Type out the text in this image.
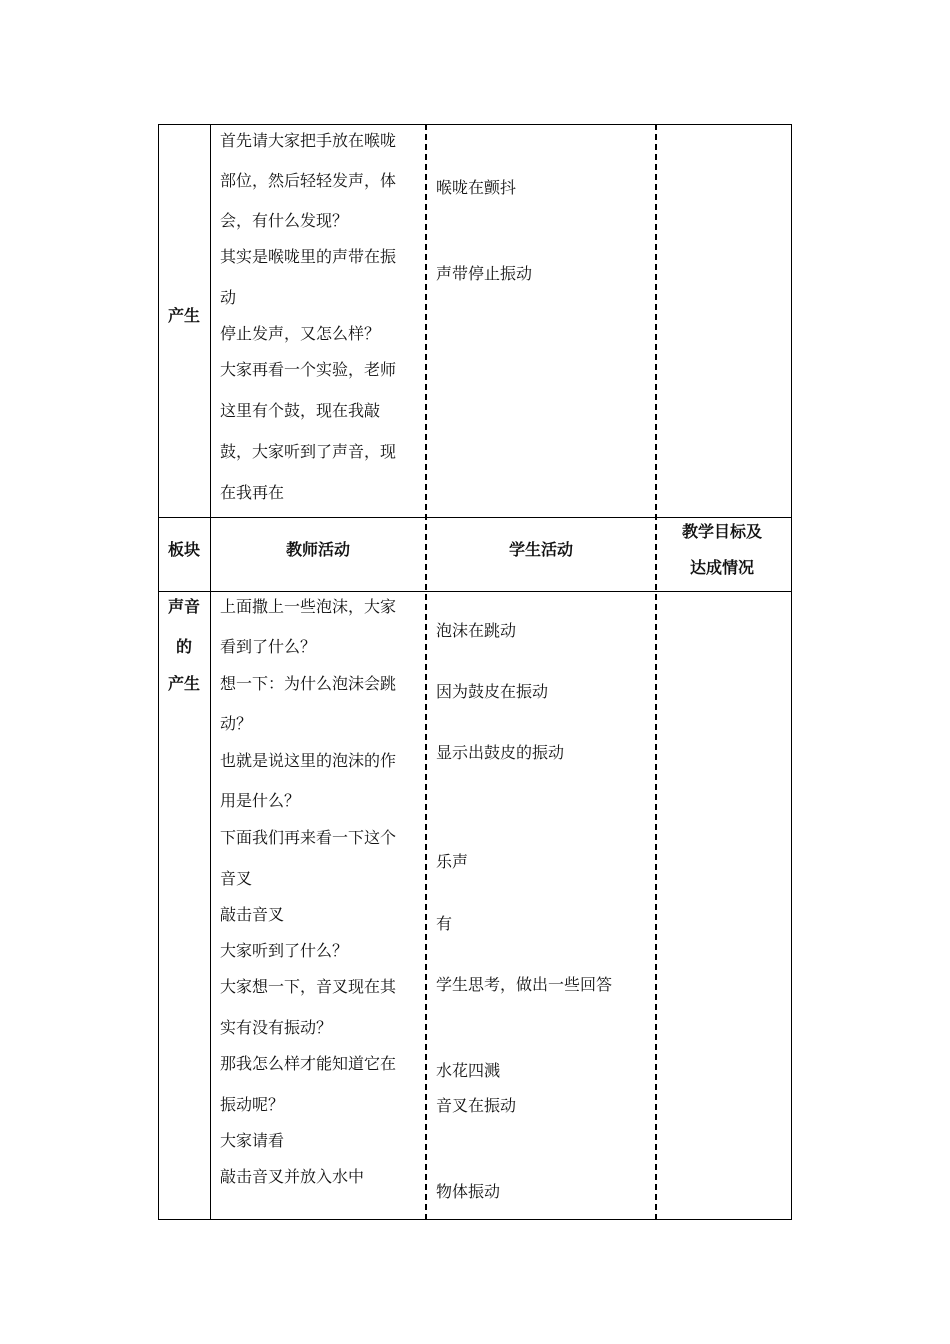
产生
首先请大家把手放在喉咙
部位，然后轻轻发声，体
会，有什么发现？
其实是喉咙里的声带在振
动
停止发声，又怎么样？
大家再看一个实验，老师
这里有个鼓，现在我敲
鼓，大家听到了声音，现
在我再在
喉咙在颤抖
声带停止振动
板块	教师活动	学生活动
教学目标及
达成情况
声音
的
产生
上面撒上一些泡沫，大家
看到了什么？
想一下：为什么泡沫会跳
动？
也就是说这里的泡沫的作
用是什么？
下面我们再来看一下这个
音叉
敲击音叉
大家听到了什么？
大家想一下，音叉现在其
实有没有振动？
那我怎么样才能知道它在
振动呢？
大家请看
敲击音叉并放入水中
泡沫在跳动
因为鼓皮在振动
显示出鼓皮的振动
乐声
有
学生思考，做出一些回答
水花四溅
音叉在振动
物体振动
